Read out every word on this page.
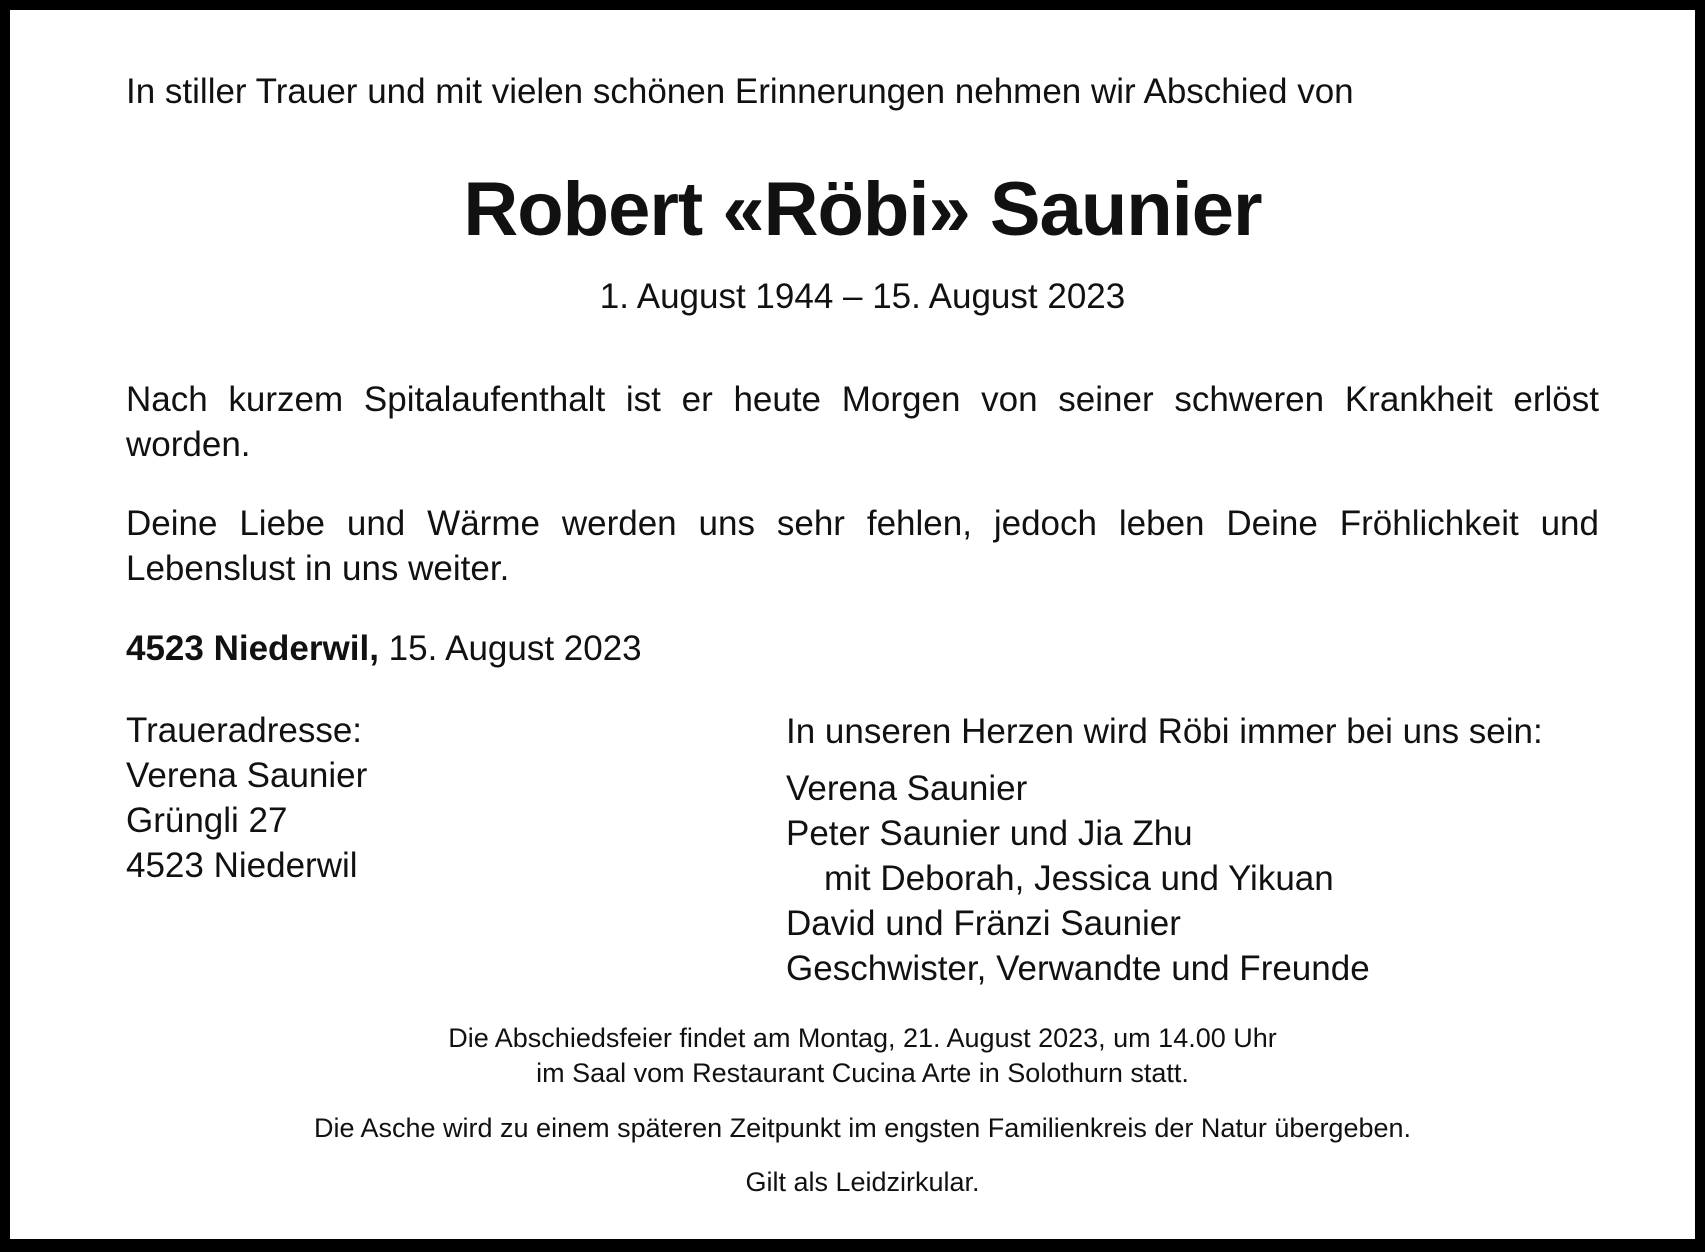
In stiller Trauer und mit vielen schönen Erinnerungen nehmen wir Abschied von
Robert «Röbi» Saunier
1. August 1944 – 15. August 2023
Nach kurzem Spitalaufenthalt ist er heute Morgen von seiner schweren Krankheit erlöst worden.
Deine Liebe und Wärme werden uns sehr fehlen, jedoch leben Deine Fröhlichkeit und Lebenslust in uns weiter.
4523 Niederwil, 15. August 2023
Traueradresse:
Verena Saunier
Grüngli 27
4523 Niederwil
In unseren Herzen wird Röbi immer bei uns sein:
Verena Saunier
Peter Saunier und Jia Zhu
mit Deborah, Jessica und Yikuan
David und Fränzi Saunier
Geschwister, Verwandte und Freunde
Die Abschiedsfeier findet am Montag, 21. August 2023, um 14.00 Uhr
im Saal vom Restaurant Cucina Arte in Solothurn statt.
Die Asche wird zu einem späteren Zeitpunkt im engsten Familienkreis der Natur übergeben.
Gilt als Leidzirkular.
